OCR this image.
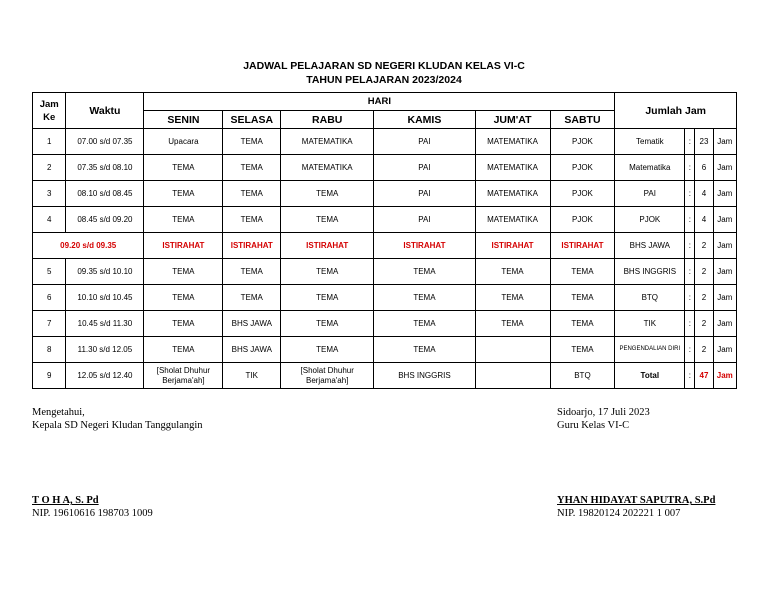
JADWAL PELAJARAN SD NEGERI KLUDAN KELAS VI-C
TAHUN PELAJARAN 2023/2024
Jam Ke	Waktu	HARI						Jumlah Jam			
		SENIN	SELASA	RABU	KAMIS	JUM'AT	SABTU				
1	07.00 s/d 07.35	Upacara	TEMA	MATEMATIKA	PAI	MATEMATIKA	PJOK	Tematik	:	23	Jam
2	07.35 s/d 08.10	TEMA	TEMA	MATEMATIKA	PAI	MATEMATIKA	PJOK	Matematika	:	6	Jam
3	08.10 s/d 08.45	TEMA	TEMA	TEMA	PAI	MATEMATIKA	PJOK	PAI	:	4	Jam
4	08.45 s/d 09.20	TEMA	TEMA	TEMA	PAI	MATEMATIKA	PJOK	PJOK	:	4	Jam
09.20 s/d 09.35		ISTIRAHAT	ISTIRAHAT	ISTIRAHAT	ISTIRAHAT	ISTIRAHAT	ISTIRAHAT	BHS JAWA	:	2	Jam
5	09.35 s/d 10.10	TEMA	TEMA	TEMA	TEMA	TEMA	TEMA	BHS INGGRIS	:	2	Jam
6	10.10 s/d 10.45	TEMA	TEMA	TEMA	TEMA	TEMA	TEMA	BTQ	:	2	Jam
7	10.45 s/d 11.30	TEMA	BHS JAWA	TEMA	TEMA	TEMA	TEMA	TIK	:	2	Jam
8	11.30 s/d 12.05	TEMA	BHS JAWA	TEMA	TEMA		TEMA	PENGENDALIAN DIRI	:	2	Jam
9	12.05 s/d 12.40	[Sholat Dhuhur Berjama'ah]	TIK	[Sholat Dhuhur Berjama'ah]	BHS INGGRIS		BTQ	Total	:	47	Jam
Mengetahui,
Kepala SD Negeri Kludan Tanggulangin
T O H A, S. Pd
NIP. 19610616 198703 1009
Sidoarjo, 17 Juli 2023
Guru Kelas VI-C
YHAN HIDAYAT SAPUTRA, S.Pd
NIP. 19820124 202221 1 007
